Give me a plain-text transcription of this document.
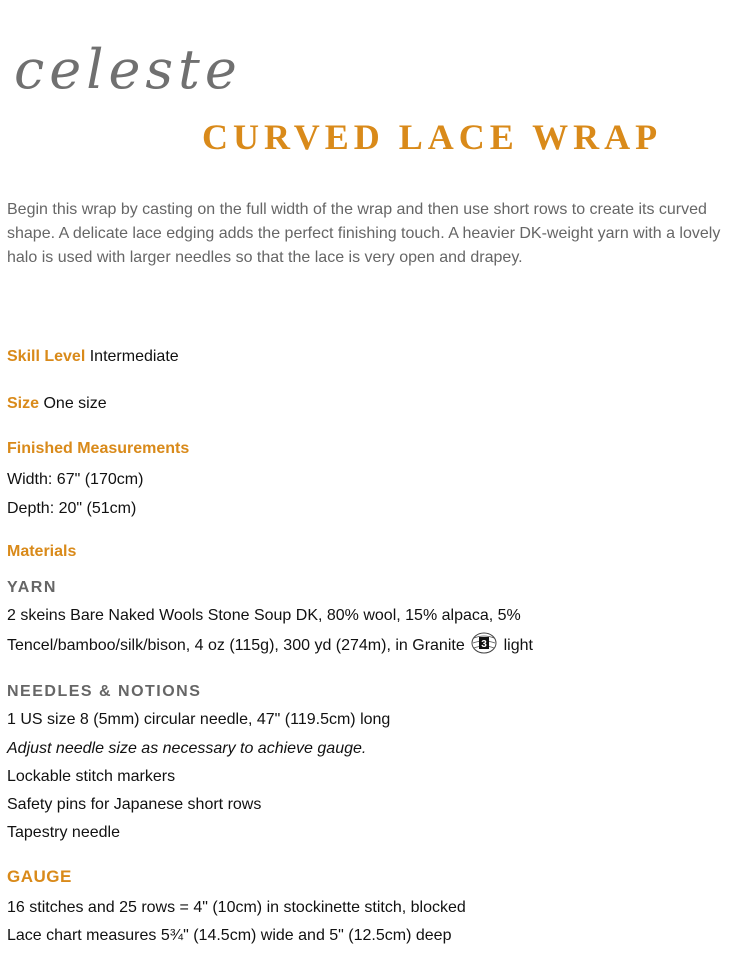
celeste
CURVED LACE WRAP

Begin this wrap by casting on the full width of the wrap and then use short rows to create its curved shape. A delicate lace edging adds the perfect finishing touch. A heavier DK-weight yarn with a lovely halo is used with larger needles so that the lace is very open and drapey.

Skill Level Intermediate
Size One size
Finished Measurements
Width: 67" (170cm)
Depth: 20" (51cm)
Materials
YARN
2 skeins Bare Naked Wools Stone Soup DK, 80% wool, 15% alpaca, 5%
Tencel/bamboo/silk/bison, 4 oz (115g), 300 yd (274m), in Granite 3 light
NEEDLES & NOTIONS
1 US size 8 (5mm) circular needle, 47" (119.5cm) long
Adjust needle size as necessary to achieve gauge.
Lockable stitch markers
Safety pins for Japanese short rows
Tapestry needle
GAUGE
16 stitches and 25 rows = 4" (10cm) in stockinette stitch, blocked
Lace chart measures 5¾" (14.5cm) wide and 5" (12.5cm) deep
